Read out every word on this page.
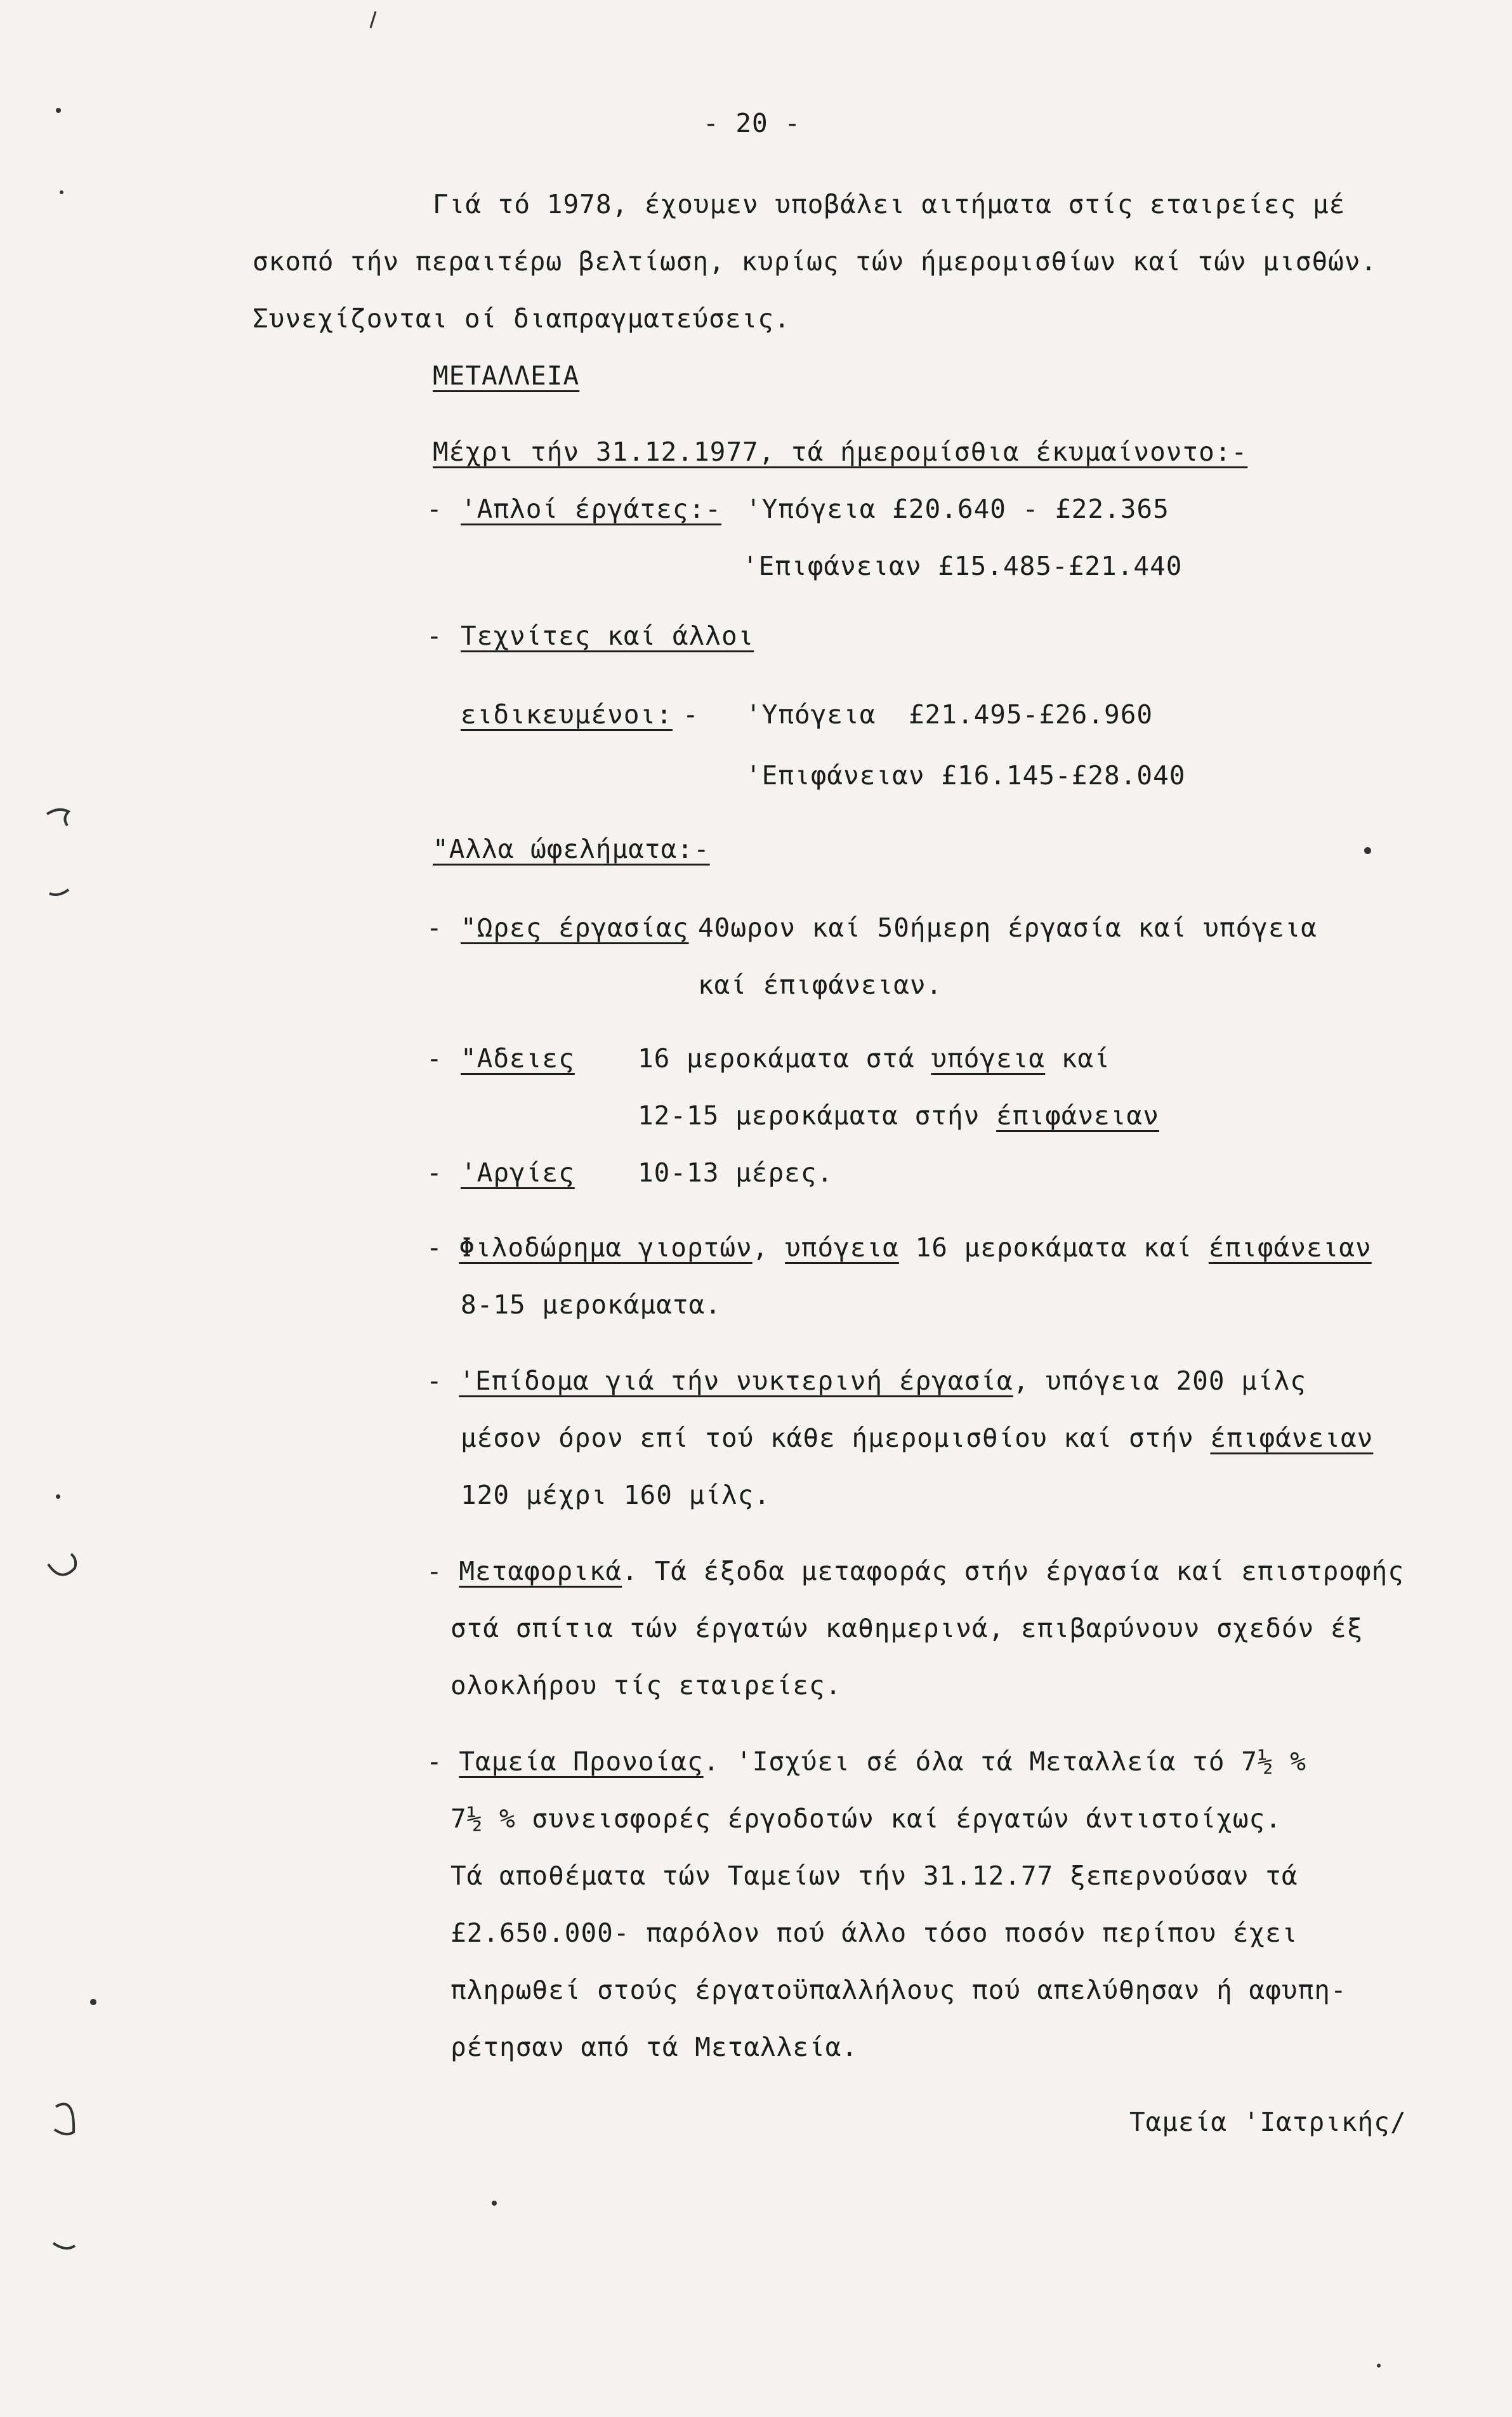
- 20 -
Γιά τό 1978, έχουμεν υποβάλει αιτήματα στίς εταιρείες μέ
σκοπό τήν περαιτέρω βελτίωση, κυρίως τών ήμερομισθίων καί τών μισθών.
Συνεχίζονται οί διαπραγματεύσεις.
ΜΕΤΑΛΛΕΙΑ
Μέχρι τήν 31.12.1977, τά ήμερομίσθια έκυμαίνοντο:-
- 'Απλοί έργάτες:- 'Υπόγεια £20.640 - £22.365
'Επιφάνειαν £15.485-£21.440
- Τεχνίτες καί άλλοι
ειδικευμένοι: - 'Υπόγεια  £21.495-£26.960
'Επιφάνειαν £16.145-£28.040
"Αλλα ώφελήματα:-
- "Ωρες έργασίας 40ωρον καί 50ήμερη έργασία καί υπόγεια
καί έπιφάνειαν.
- "Αδειες 16 μεροκάματα στά υπόγεια καί
12-15 μεροκάματα στήν έπιφάνειαν
- 'Αργίες 10-13 μέρες.
- Φιλοδώρημα γιορτών, υπόγεια 16 μεροκάματα καί έπιφάνειαν
8-15 μεροκάματα.
- 'Επίδομα γιά τήν νυκτερινή έργασία, υπόγεια 200 μίλς
μέσον όρον επί τού κάθε ήμερομισθίου καί στήν έπιφάνειαν
120 μέχρι 160 μίλς.
- Μεταφορικά. Τά έξοδα μεταφοράς στήν έργασία καί επιστροφής
στά σπίτια τών έργατών καθημερινά, επιβαρύνουν σχεδόν έξ
ολοκλήρου τίς εταιρείες.
- Ταμεία Προνοίας. 'Ισχύει σέ όλα τά Μεταλλεία τό 7½ %
7½ % συνεισφορές έργοδοτών καί έργατών άντιστοίχως.
Τά αποθέματα τών Ταμείων τήν 31.12.77 ξεπερνούσαν τά
£2.650.000- παρόλον πού άλλο τόσο ποσόν περίπου έχει
πληρωθεί στούς έργατοϋπαλλήλους πού απελύθησαν ή αφυπη-
ρέτησαν από τά Μεταλλεία.
Ταμεία 'Ιατρικής/
